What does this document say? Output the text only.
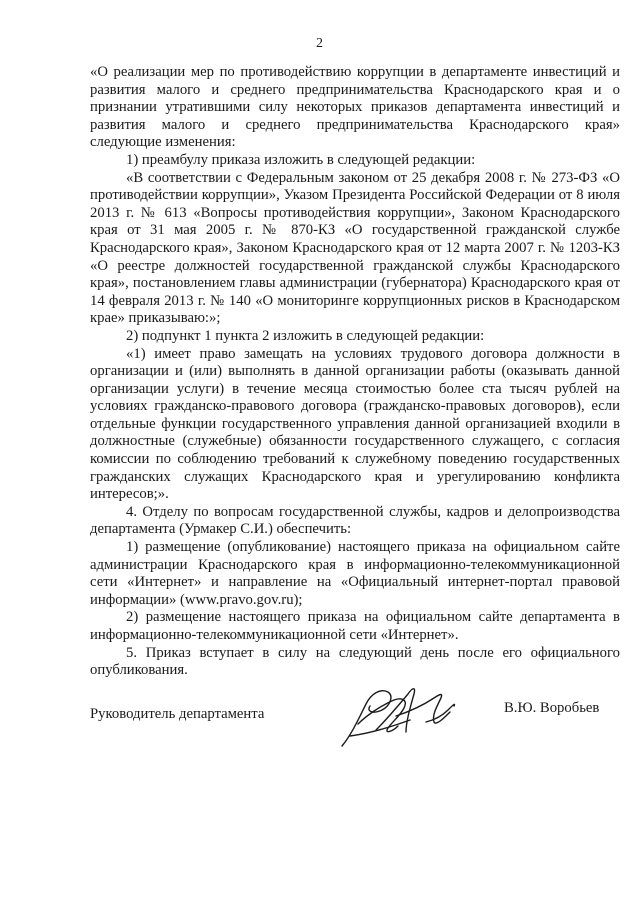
2

«О реализации мер по противодействию коррупции в департаменте инвестиций и развития малого и среднего предпринимательства Краснодарского края и о признании утратившими силу некоторых приказов департамента инвестиций и развития малого и среднего предпринимательства Краснодарского края» следующие изменения:

1) преамбулу приказа изложить в следующей редакции:

«В соответствии с Федеральным законом от 25 декабря 2008 г. № 273-ФЗ «О противодействии коррупции», Указом Президента Российской Федерации от 8 июля 2013 г. № 613 «Вопросы противодействия коррупции», Законом Краснодарского края от 31 мая 2005 г. № 870-КЗ «О государственной гражданской службе Краснодарского края», Законом Краснодарского края от 12 марта 2007 г. № 1203-КЗ «О реестре должностей государственной гражданской службы Краснодарского края», постановлением главы администрации (губернатора) Краснодарского края от 14 февраля 2013 г. № 140 «О мониторинге коррупционных рисков в Краснодарском крае» приказываю:»;

2) подпункт 1 пункта 2 изложить в следующей редакции:

«1) имеет право замещать на условиях трудового договора должности в организации и (или) выполнять в данной организации работы (оказывать данной организации услуги) в течение месяца стоимостью более ста тысяч рублей на условиях гражданско-правового договора (гражданско-правовых договоров), если отдельные функции государственного управления данной организацией входили в должностные (служебные) обязанности государственного служащего, с согласия комиссии по соблюдению требований к служебному поведению государственных гражданских служащих Краснодарского края и урегулированию конфликта интересов;».

4. Отделу по вопросам государственной службы, кадров и делопроизводства департамента (Урмакер С.И.) обеспечить:

1) размещение (опубликование) настоящего приказа на официальном сайте администрации Краснодарского края в информационно-телекоммуникационной сети «Интернет» и направление на «Официальный интернет-портал правовой информации» (www.pravo.gov.ru);

2) размещение настоящего приказа на официальном сайте департамента в информационно-телекоммуникационной сети «Интернет».

5. Приказ вступает в силу на следующий день после его официального опубликования.

Руководитель департамента	В.Ю. Воробьев
